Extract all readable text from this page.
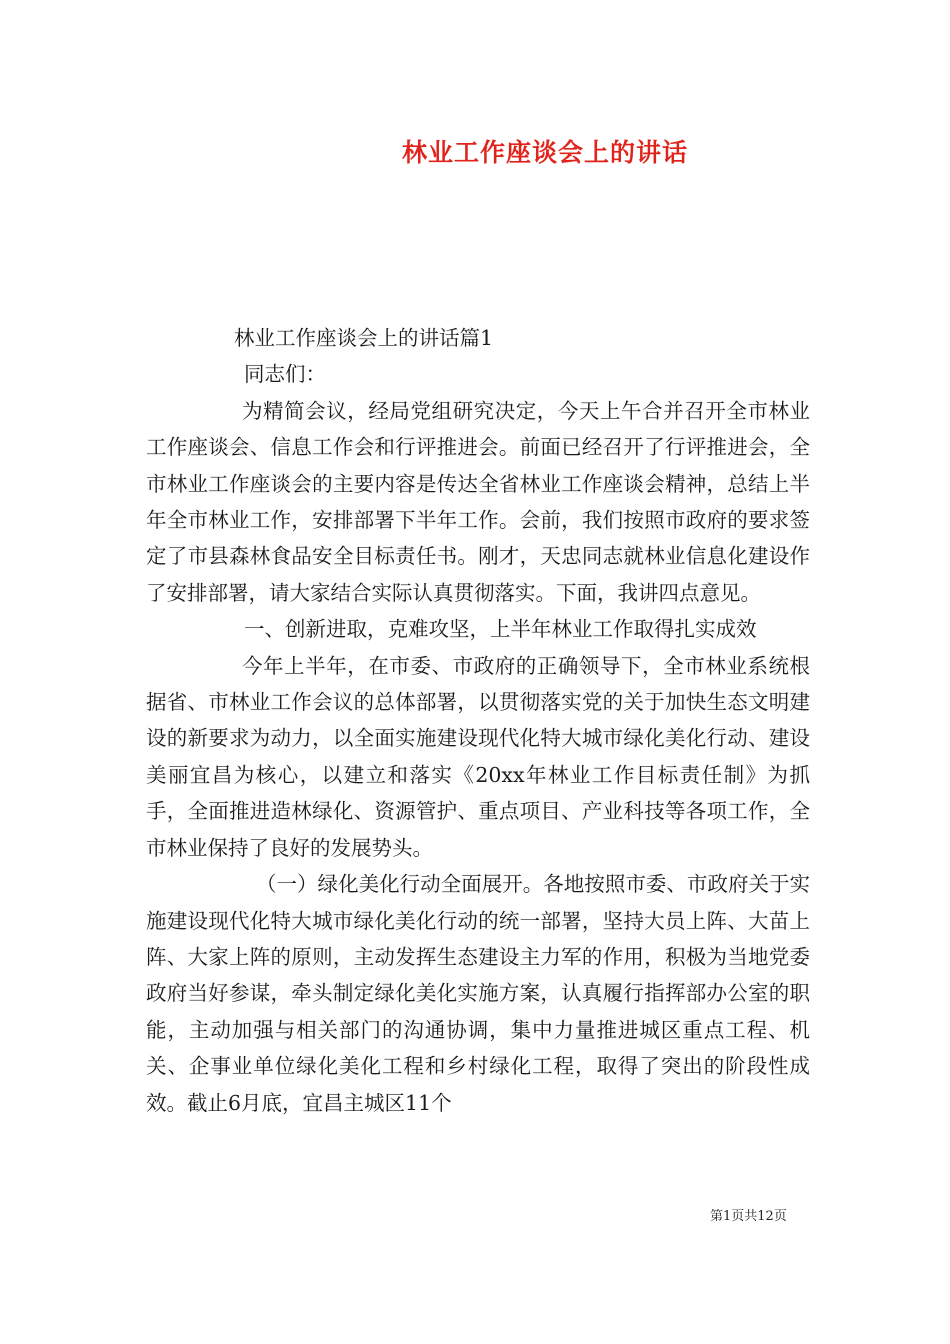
林业工作座谈会上的讲话

林业工作座谈会上的讲话篇1

同志们：

为精简会议，经局党组研究决定，今天上午合并召开全市林业工作座谈会、信息工作会和行评推进会。前面已经召开了行评推进会，全市林业工作座谈会的主要内容是传达全省林业工作座谈会精神，总结上半年全市林业工作，安排部署下半年工作。会前，我们按照市政府的要求签定了市县森林食品安全目标责任书。刚才，天忠同志就林业信息化建设作了安排部署，请大家结合实际认真贯彻落实。下面，我讲四点意见。

一、创新进取，克难攻坚，上半年林业工作取得扎实成效

今年上半年，在市委、市政府的正确领导下，全市林业系统根据省、市林业工作会议的总体部署，以贯彻落实党的关于加快生态文明建设的新要求为动力，以全面实施建设现代化特大城市绿化美化行动、建设美丽宜昌为核心，以建立和落实《20xx年林业工作目标责任制》为抓手，全面推进造林绿化、资源管护、重点项目、产业科技等各项工作，全市林业保持了良好的发展势头。

（一）绿化美化行动全面展开。各地按照市委、市政府关于实施建设现代化特大城市绿化美化行动的统一部署，坚持大员上阵、大苗上阵、大家上阵的原则，主动发挥生态建设主力军的作用，积极为当地党委政府当好参谋，牵头制定绿化美化实施方案，认真履行指挥部办公室的职能，主动加强与相关部门的沟通协调，集中力量推进城区重点工程、机关、企事业单位绿化美化工程和乡村绿化工程，取得了突出的阶段性成效。截止6月底，宜昌主城区11个

第1页共12页
